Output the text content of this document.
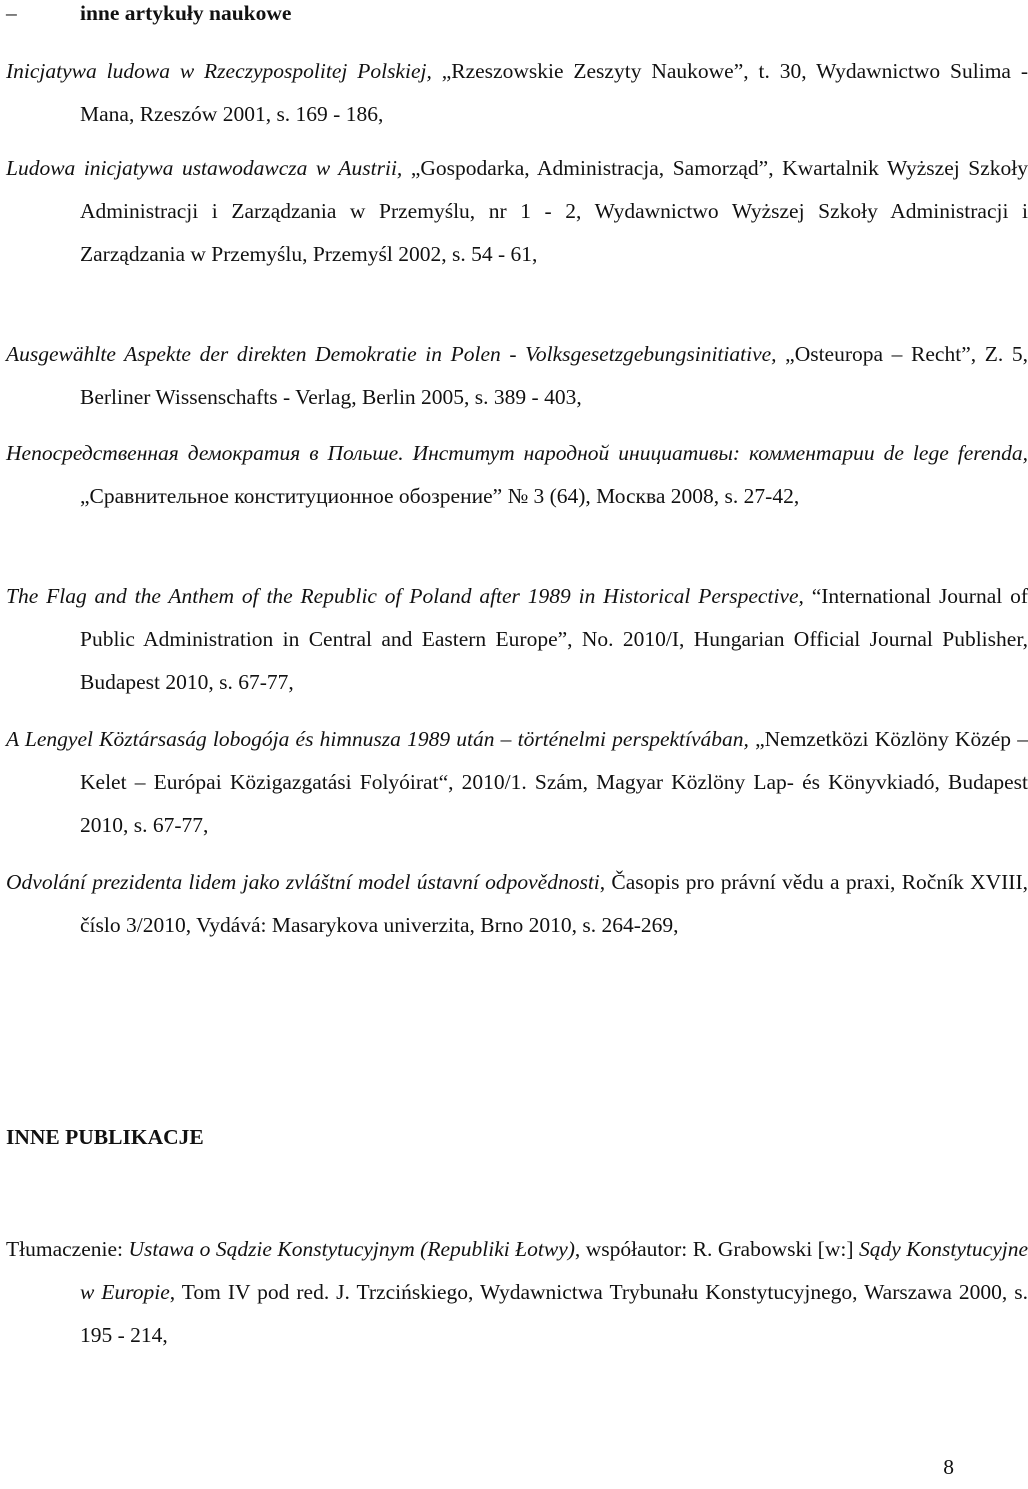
–	inne artykuły naukowe

Inicjatywa ludowa w Rzeczypospolitej Polskiej, „Rzeszowskie Zeszyty Naukowe”, t. 30, Wydawnictwo Sulima - Mana, Rzeszów 2001, s. 169 - 186,

Ludowa inicjatywa ustawodawcza w Austrii, „Gospodarka, Administracja, Samorząd”, Kwartalnik Wyższej Szkoły Administracji i Zarządzania w Przemyślu, nr 1 - 2, Wydawnictwo Wyższej Szkoły Administracji i Zarządzania w Przemyślu, Przemyśl 2002, s. 54 - 61,

Ausgewählte Aspekte der direkten Demokratie in Polen - Volksgesetzgebungsinitiative, „Osteuropa – Recht”, Z. 5, Berliner Wissenschafts - Verlag, Berlin 2005, s. 389 - 403,

Непосредственная демократия в Польше. Институт народной инициативы: комментарии de lege ferenda, „Сравнительное конституционное обозрение” № 3 (64), Москва 2008, s. 27-42,

The Flag and the Anthem of the Republic of Poland after 1989 in Historical Perspective, “International Journal of Public Administration in Central and Eastern Europe”, No. 2010/I, Hungarian Official Journal Publisher, Budapest 2010, s. 67-77,

A Lengyel Köztársaság lobogója és himnusza 1989 után – történelmi perspektívában, „Nemzetközi Közlöny Közép – Kelet – Európai Közigazgatási Folyóirat“, 2010/1. Szám, Magyar Közlöny Lap- és Könyvkiadó, Budapest 2010, s. 67-77,

Odvolání prezidenta lidem jako zvláštní model ústavní odpovědnosti, Časopis pro právní vědu a praxi, Ročník XVIII, číslo 3/2010, Vydává: Masarykova univerzita, Brno 2010, s. 264-269,

INNE PUBLIKACJE

Tłumaczenie: Ustawa o Sądzie Konstytucyjnym (Republiki Łotwy), współautor: R. Grabowski [w:] Sądy Konstytucyjne w Europie, Tom IV pod red. J. Trzcińskiego, Wydawnictwa Trybunału Konstytucyjnego, Warszawa 2000, s. 195 - 214,

8
